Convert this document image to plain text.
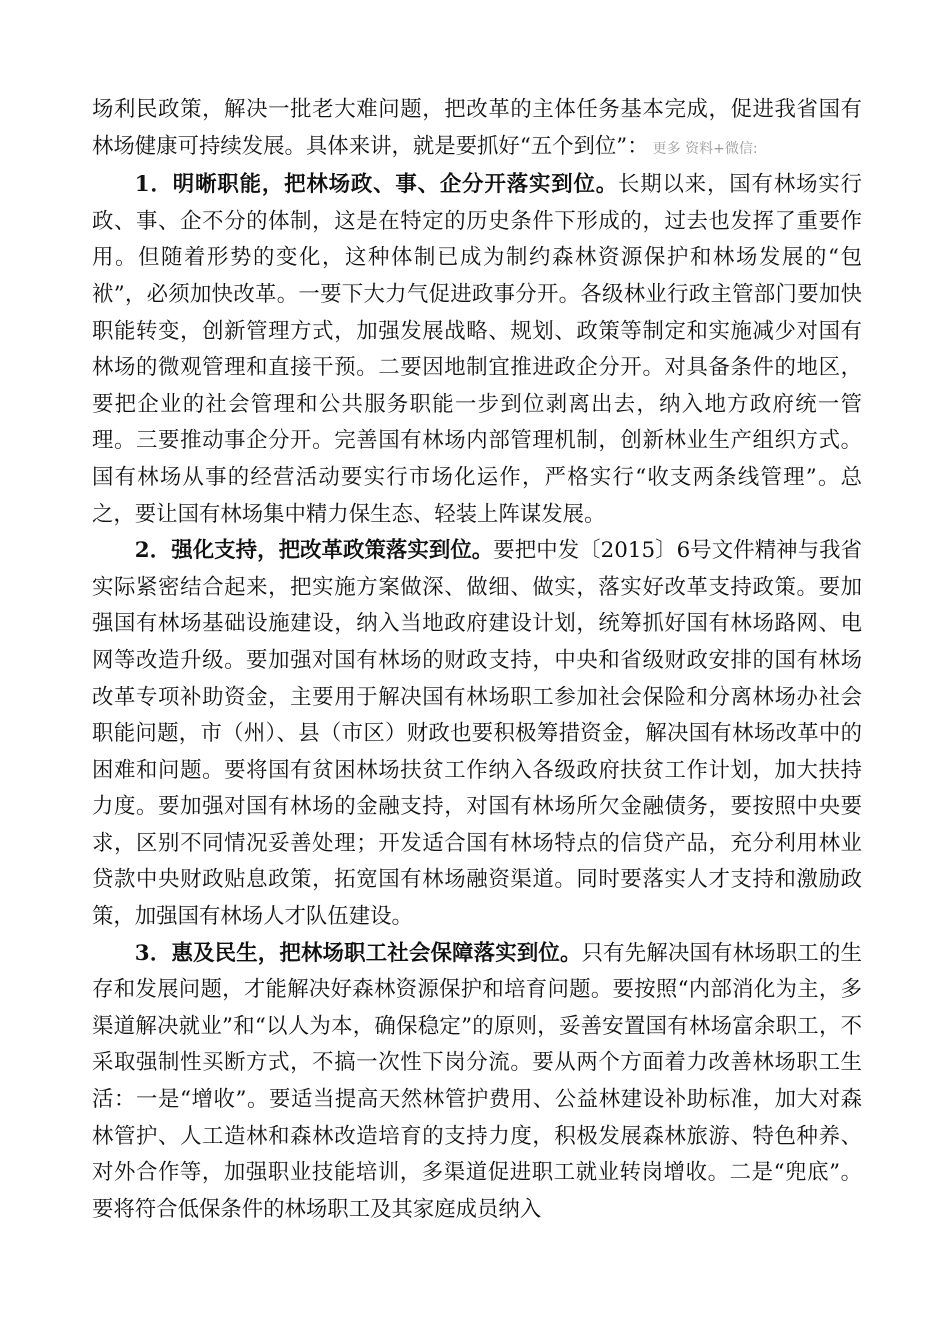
场利民政策，解决一批老大难问题，把改革的主体任务基本完成，促进我省国有林场健康可持续发展。具体来讲，就是要抓好“五个到位”： 更多 资料+微信:

1．明晰职能，把林场政、事、企分开落实到位。长期以来，国有林场实行政、事、企不分的体制，这是在特定的历史条件下形成的，过去也发挥了重要作用。但随着形势的变化，这种体制已成为制约森林资源保护和林场发展的“包袱”，必须加快改革。一要下大力气促进政事分开。各级林业行政主管部门要加快职能转变，创新管理方式，加强发展战略、规划、政策等制定和实施减少对国有林场的微观管理和直接干预。二要因地制宜推进政企分开。对具备条件的地区，要把企业的社会管理和公共服务职能一步到位剥离出去，纳入地方政府统一管理。三要推动事企分开。完善国有林场内部管理机制，创新林业生产组织方式。国有林场从事的经营活动要实行市场化运作，严格实行“收支两条线管理”。总之，要让国有林场集中精力保生态、轻装上阵谋发展。

2．强化支持，把改革政策落实到位。要把中发〔2015〕6号文件精神与我省实际紧密结合起来，把实施方案做深、做细、做实，落实好改革支持政策。要加强国有林场基础设施建设，纳入当地政府建设计划，统筹抓好国有林场路网、电网等改造升级。要加强对国有林场的财政支持，中央和省级财政安排的国有林场改革专项补助资金，主要用于解决国有林场职工参加社会保险和分离林场办社会职能问题，市（州）、县（市区）财政也要积极筹措资金，解决国有林场改革中的困难和问题。要将国有贫困林场扶贫工作纳入各级政府扶贫工作计划，加大扶持力度。要加强对国有林场的金融支持，对国有林场所欠金融债务，要按照中央要求，区别不同情况妥善处理；开发适合国有林场特点的信贷产品，充分利用林业贷款中央财政贴息政策，拓宽国有林场融资渠道。同时要落实人才支持和激励政策，加强国有林场人才队伍建设。

3．惠及民生，把林场职工社会保障落实到位。只有先解决国有林场职工的生存和发展问题，才能解决好森林资源保护和培育问题。要按照“内部消化为主，多渠道解决就业”和“以人为本，确保稳定”的原则，妥善安置国有林场富余职工，不采取强制性买断方式，不搞一次性下岗分流。要从两个方面着力改善林场职工生活：一是“增收”。要适当提高天然林管护费用、公益林建设补助标准，加大对森林管护、人工造林和森林改造培育的支持力度，积极发展森林旅游、特色种养、对外合作等，加强职业技能培训，多渠道促进职工就业转岗增收。二是“兜底”。要将符合低保条件的林场职工及其家庭成员纳入
